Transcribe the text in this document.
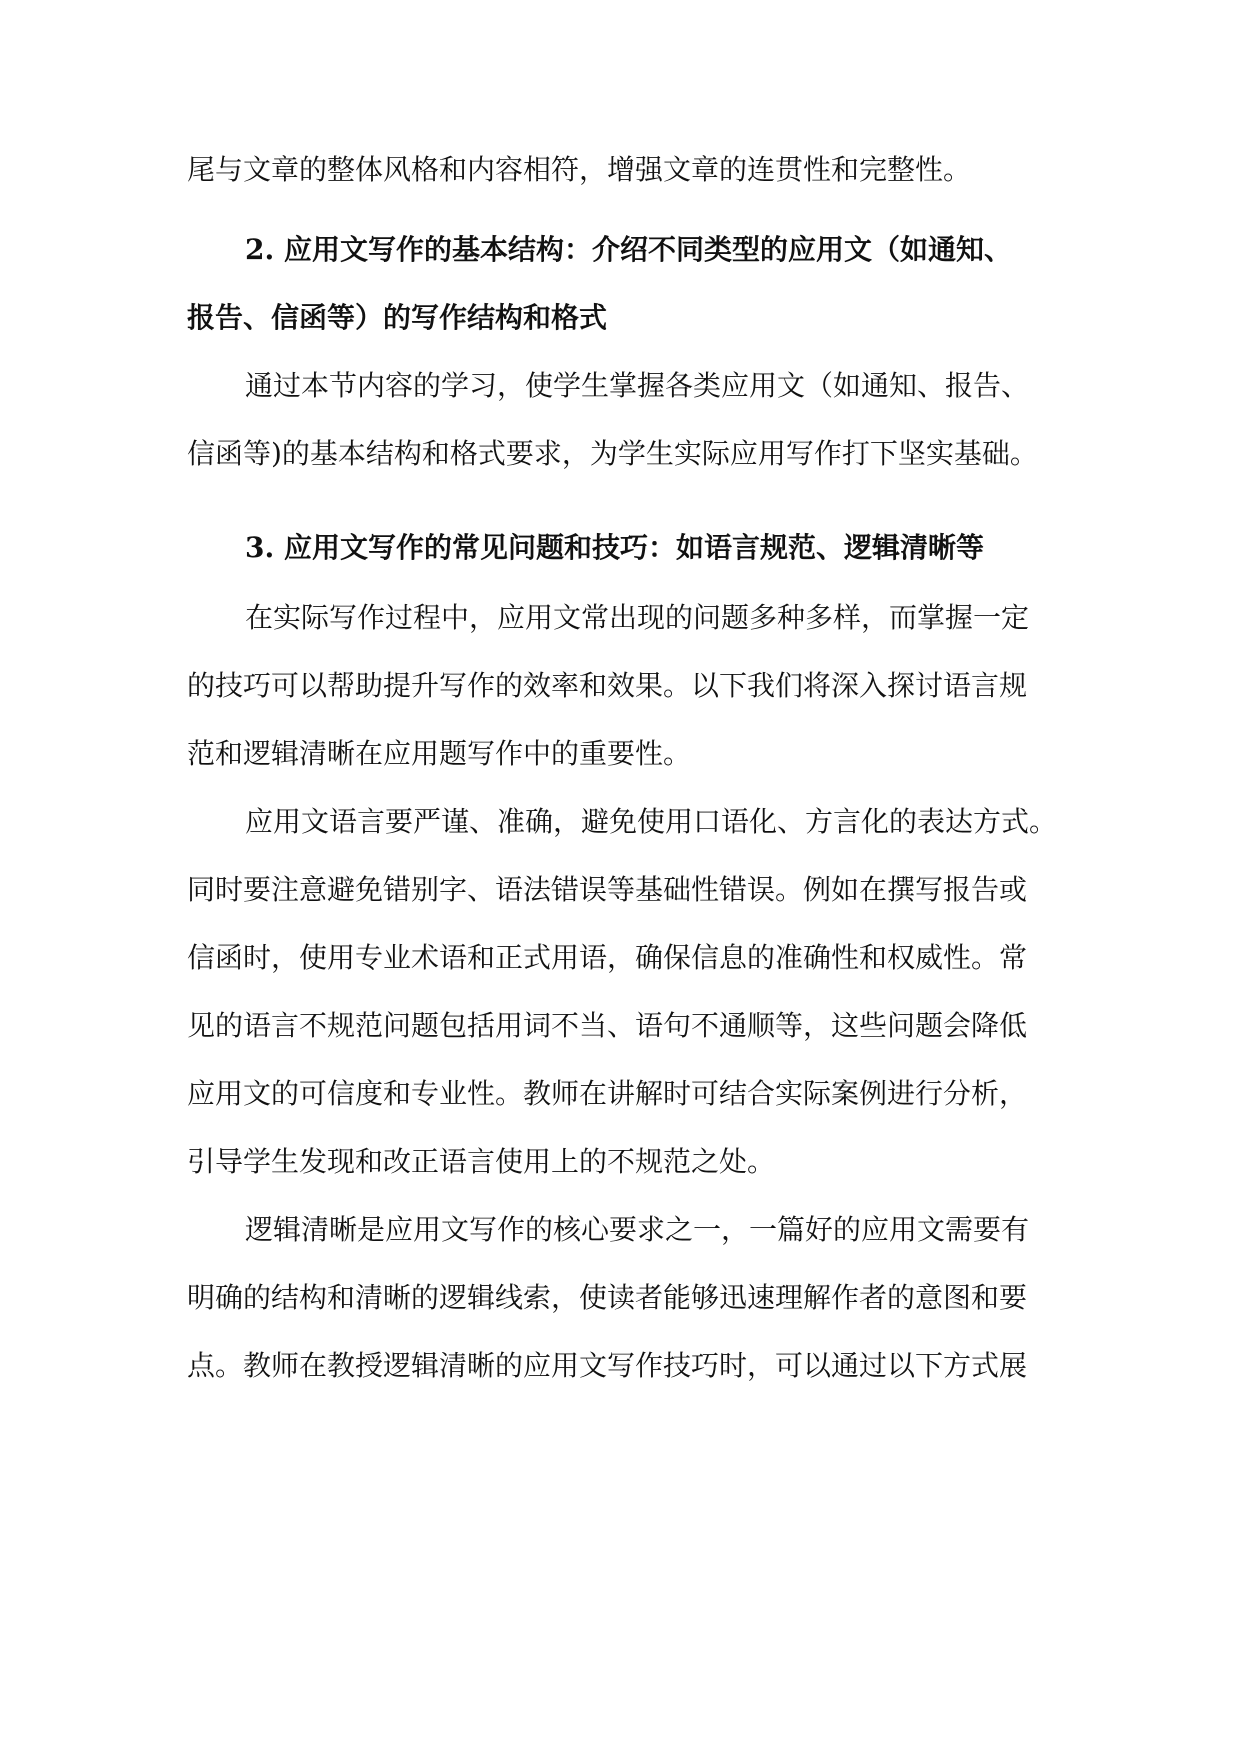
尾与文章的整体风格和内容相符，增强文章的连贯性和完整性。

2. 应用文写作的基本结构：介绍不同类型的应用文（如通知、

报告、信函等）的写作结构和格式

通过本节内容的学习，使学生掌握各类应用文（如通知、报告、

信函等)的基本结构和格式要求，为学生实际应用写作打下坚实基础。

3. 应用文写作的常见问题和技巧：如语言规范、逻辑清晰等

在实际写作过程中，应用文常出现的问题多种多样，而掌握一定

的技巧可以帮助提升写作的效率和效果。以下我们将深入探讨语言规

范和逻辑清晰在应用题写作中的重要性。

应用文语言要严谨、准确，避免使用口语化、方言化的表达方式。

同时要注意避免错别字、语法错误等基础性错误。例如在撰写报告或

信函时，使用专业术语和正式用语，确保信息的准确性和权威性。常

见的语言不规范问题包括用词不当、语句不通顺等，这些问题会降低

应用文的可信度和专业性。教师在讲解时可结合实际案例进行分析，

引导学生发现和改正语言使用上的不规范之处。

逻辑清晰是应用文写作的核心要求之一，一篇好的应用文需要有

明确的结构和清晰的逻辑线索，使读者能够迅速理解作者的意图和要

点。教师在教授逻辑清晰的应用文写作技巧时，可以通过以下方式展
